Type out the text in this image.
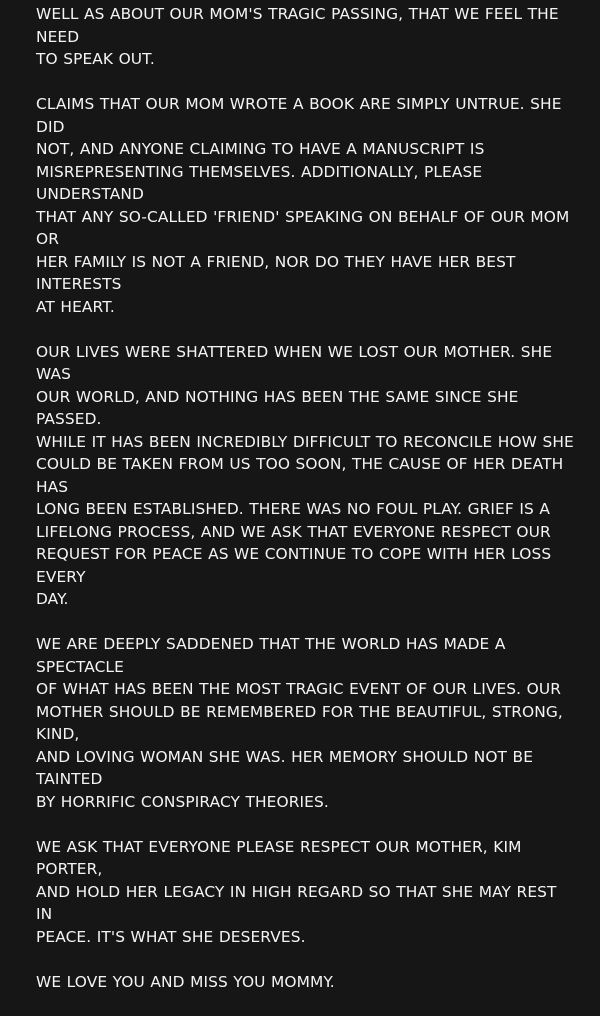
WELL AS ABOUT OUR MOM'S TRAGIC PASSING, THAT WE FEEL THE NEED
TO SPEAK OUT.

CLAIMS THAT OUR MOM WROTE A BOOK ARE SIMPLY UNTRUE. SHE DID
NOT, AND ANYONE CLAIMING TO HAVE A MANUSCRIPT IS
MISREPRESENTING THEMSELVES. ADDITIONALLY, PLEASE UNDERSTAND
THAT ANY SO-CALLED 'FRIEND' SPEAKING ON BEHALF OF OUR MOM OR
HER FAMILY IS NOT A FRIEND, NOR DO THEY HAVE HER BEST INTERESTS
AT HEART.

OUR LIVES WERE SHATTERED WHEN WE LOST OUR MOTHER. SHE WAS
OUR WORLD, AND NOTHING HAS BEEN THE SAME SINCE SHE PASSED.
WHILE IT HAS BEEN INCREDIBLY DIFFICULT TO RECONCILE HOW SHE
COULD BE TAKEN FROM US TOO SOON, THE CAUSE OF HER DEATH HAS
LONG BEEN ESTABLISHED. THERE WAS NO FOUL PLAY. GRIEF IS A
LIFELONG PROCESS, AND WE ASK THAT EVERYONE RESPECT OUR
REQUEST FOR PEACE AS WE CONTINUE TO COPE WITH HER LOSS EVERY
DAY.

WE ARE DEEPLY SADDENED THAT THE WORLD HAS MADE A SPECTACLE
OF WHAT HAS BEEN THE MOST TRAGIC EVENT OF OUR LIVES. OUR
MOTHER SHOULD BE REMEMBERED FOR THE BEAUTIFUL, STRONG, KIND,
AND LOVING WOMAN SHE WAS. HER MEMORY SHOULD NOT BE TAINTED
BY HORRIFIC CONSPIRACY THEORIES.

WE ASK THAT EVERYONE PLEASE RESPECT OUR MOTHER, KIM PORTER,
AND HOLD HER LEGACY IN HIGH REGARD SO THAT SHE MAY REST IN
PEACE. IT'S WHAT SHE DESERVES.

WE LOVE YOU AND MISS YOU MOMMY.
